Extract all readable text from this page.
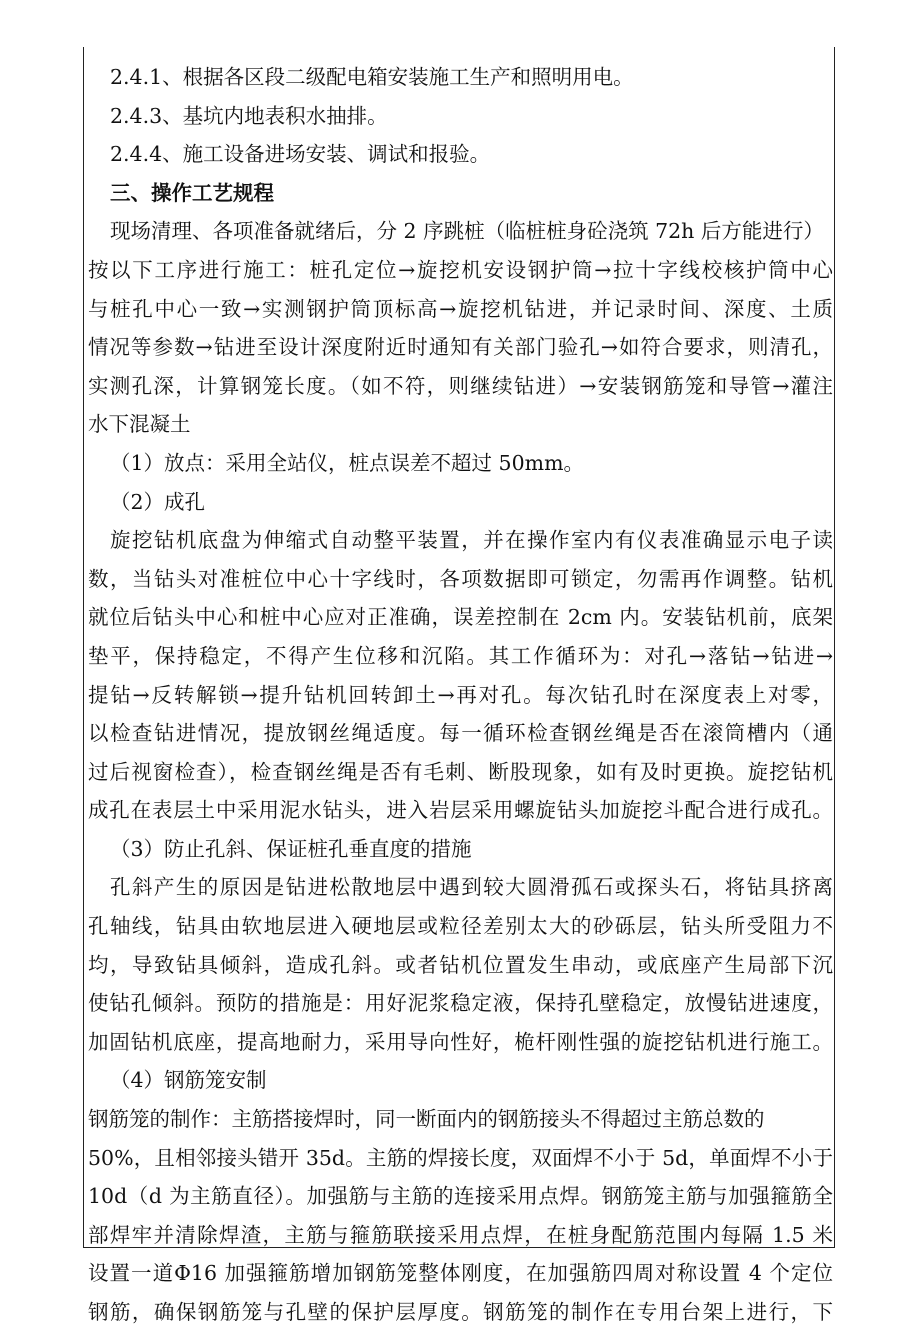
2.4.1、根据各区段二级配电箱安装施工生产和照明用电。
2.4.3、基坑内地表积水抽排。
2.4.4、施工设备进场安装、调试和报验。
三、操作工艺规程
现场清理、各项准备就绪后，分 2 序跳桩（临桩桩身砼浇筑 72h 后方能进行）
按以下工序进行施工：桩孔定位→旋挖机安设钢护筒→拉十字线校核护筒中心
与桩孔中心一致→实测钢护筒顶标高→旋挖机钻进，并记录时间、深度、土质
情况等参数→钻进至设计深度附近时通知有关部门验孔→如符合要求，则清孔，
实测孔深，计算钢笼长度。（如不符，则继续钻进）→安装钢筋笼和导管→灌注
水下混凝土
（1）放点：采用全站仪，桩点误差不超过 50mm。
（2）成孔
旋挖钻机底盘为伸缩式自动整平装置，并在操作室内有仪表准确显示电子读
数，当钻头对准桩位中心十字线时，各项数据即可锁定，勿需再作调整。钻机
就位后钻头中心和桩中心应对正准确，误差控制在 2cm 内。安装钻机前，底架
垫平，保持稳定，不得产生位移和沉陷。其工作循环为：对孔→落钻→钻进→
提钻→反转解锁→提升钻机回转卸土→再对孔。每次钻孔时在深度表上对零，
以检查钻进情况，提放钢丝绳适度。每一循环检查钢丝绳是否在滚筒槽内（通
过后视窗检查），检查钢丝绳是否有毛刺、断股现象，如有及时更换。旋挖钻机
成孔在表层土中采用泥水钻头，进入岩层采用螺旋钻头加旋挖斗配合进行成孔。
（3）防止孔斜、保证桩孔垂直度的措施
孔斜产生的原因是钻进松散地层中遇到较大圆滑孤石或探头石，将钻具挤离
孔轴线，钻具由软地层进入硬地层或粒径差别太大的砂砾层，钻头所受阻力不
均，导致钻具倾斜，造成孔斜。或者钻机位置发生串动，或底座产生局部下沉
使钻孔倾斜。预防的措施是：用好泥浆稳定液，保持孔壁稳定，放慢钻进速度，
加固钻机底座，提高地耐力，采用导向性好，桅杆刚性强的旋挖钻机进行施工。
（4）钢筋笼安制
钢筋笼的制作：主筋搭接焊时，同一断面内的钢筋接头不得超过主筋总数的
50%，且相邻接头错开 35d。主筋的焊接长度，双面焊不小于 5d，单面焊不小于
10d（d 为主筋直径）。加强筋与主筋的连接采用点焊。钢筋笼主筋与加强箍筋全
部焊牢并清除焊渣，主筋与箍筋联接采用点焊，在桩身配筋范围内每隔 1.5 米
设置一道Φ16 加强箍筋增加钢筋笼整体刚度，在加强筋四周对称设置 4 个定位
钢筋，确保钢筋笼与孔壁的保护层厚度。钢筋笼的制作在专用台架上进行，下
